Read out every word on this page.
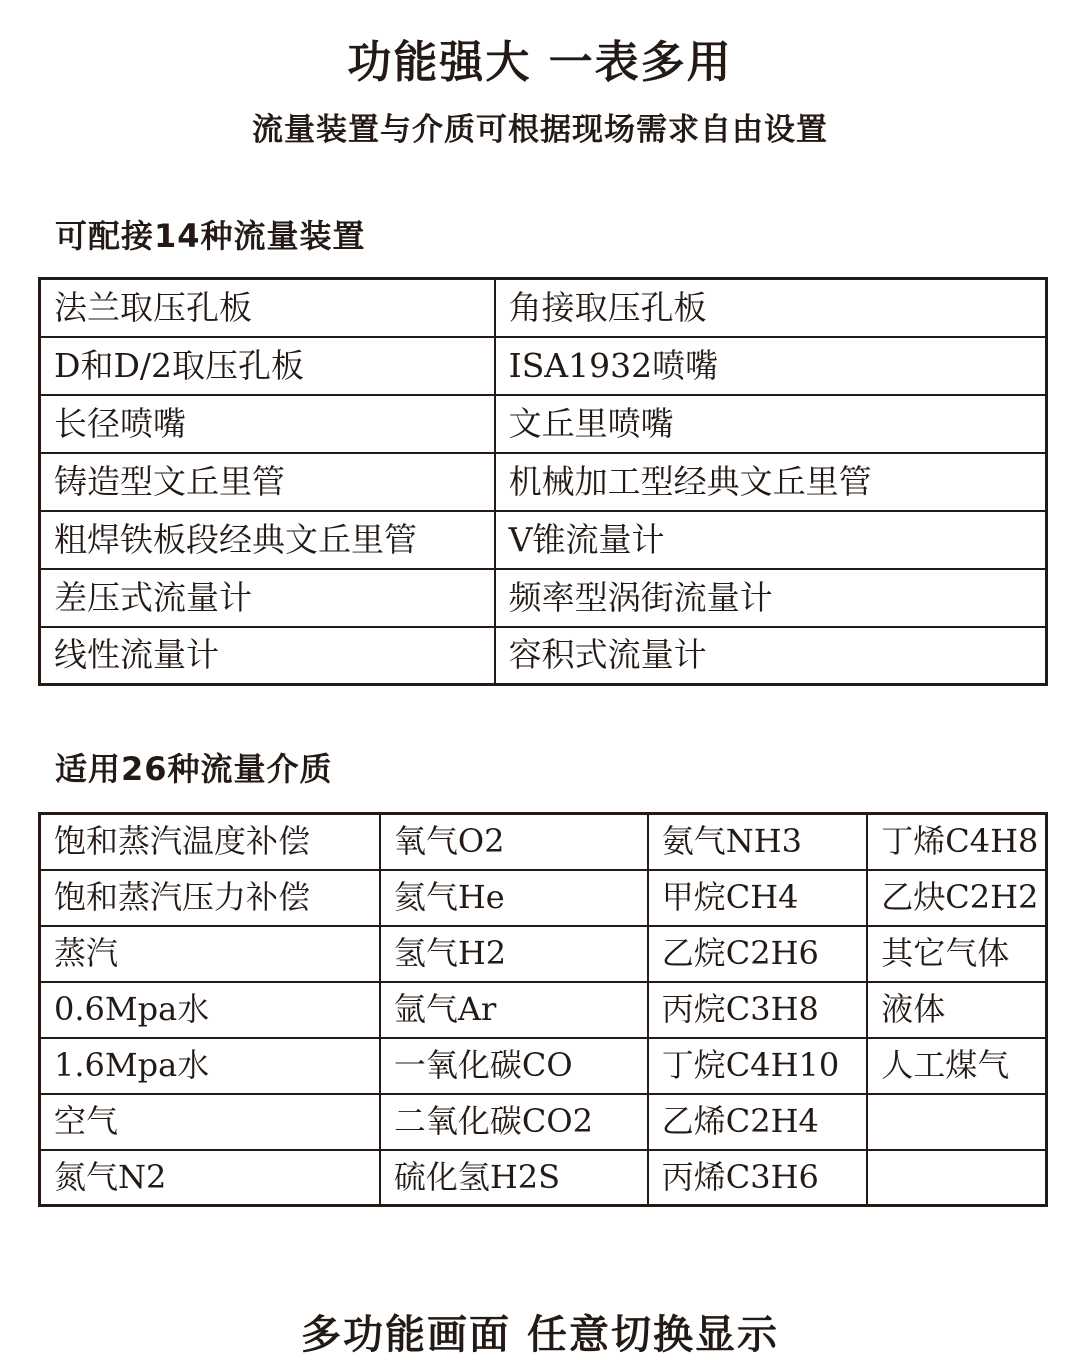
功能强大 一表多用
流量装置与介质可根据现场需求自由设置
可配接14种流量装置
法兰取压孔板	角接取压孔板
D和D/2取压孔板	ISA1932喷嘴
长径喷嘴	文丘里喷嘴
铸造型文丘里管	机械加工型经典文丘里管
粗焊铁板段经典文丘里管	V锥流量计
差压式流量计	频率型涡街流量计
线性流量计	容积式流量计
适用26种流量介质
饱和蒸汽温度补偿	氧气O2	氨气NH3	丁烯C4H8
饱和蒸汽压力补偿	氦气He	甲烷CH4	乙炔C2H2
蒸汽	氢气H2	乙烷C2H6	其它气体
0.6Mpa水	氩气Ar	丙烷C3H8	液体
1.6Mpa水	一氧化碳CO	丁烷C4H10	人工煤气
空气	二氧化碳CO2	乙烯C2H4	
氮气N2	硫化氢H2S	丙烯C3H6	
多功能画面 任意切换显示
